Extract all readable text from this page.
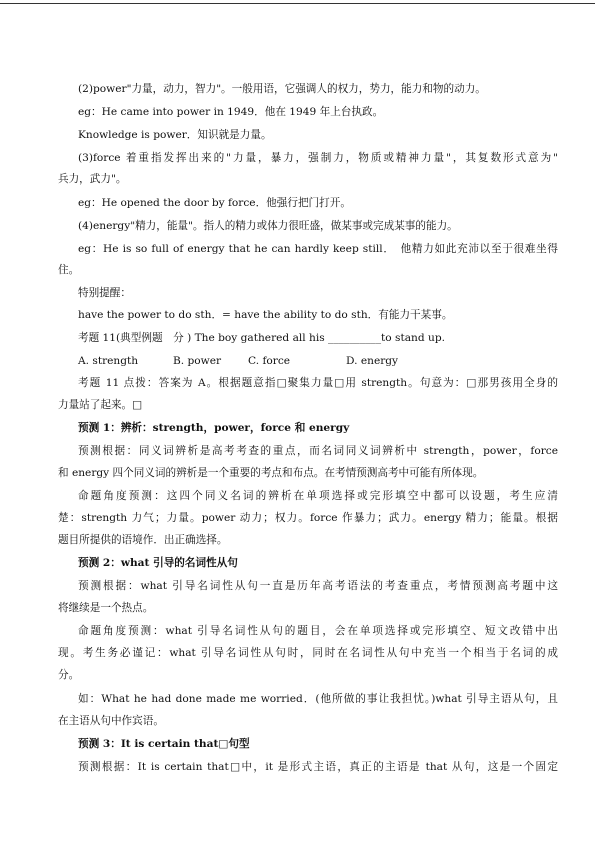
(2)power"力量，动力，智力"。一般用语，它强调人的权力，势力，能力和物的动力。
eg：He came into power in 1949．他在 1949 年上台执政。
Knowledge is power．知识就是力量。
(3)force 着重指发挥出来的"力量，暴力，强制力，物质或精神力量"，其复数形式意为"
兵力，武力"。
eg：He opened the door by force．他强行把门打开。
(4)energy"精力，能量"。指人的精力或体力很旺盛，做某事或完成某事的能力。
eg：He is so full of energy that he can hardly keep still．　他精力如此充沛以至于很难坐得
住。
特别提醒：
have the power to do sth．= have the ability to do sth．有能力干某事。
考题 11(典型例题　分 ) The boy gathered all his __________to stand up.
A. strength	B. power	C. force	D. energy
考题 11 点拨：答案为 A。根据题意指□聚集力量□用 strength。句意为：□那男孩用全身的
力量站了起来。□
预测 1：辨析：strength，power，force 和 energy
预测根据：同义词辨析是高考考查的重点，而名词同义词辨析中 strength，power，force
和 energy 四个同义词的辨析是一个重要的考点和布点。在考情预测高考中可能有所体现。
命题角度预测：这四个同义名词的辨析在单项选择或完形填空中都可以设题，考生应清
楚：strength 力气；力量。power 动力；权力。force 作暴力；武力。energy 精力；能量。根据
题目所提供的语境作．出正确选择。
预测 2：what 引导的名词性从句
预测根据：what 引导名词性从句一直是历年高考语法的考查重点，考情预测高考题中这
将继续是一个热点。
命题角度预测：what 引导名词性从句的题目，会在单项选择或完形填空、短文改错中出
现。考生务必谨记：what 引导名词性从句时，同时在名词性从句中充当一个相当于名词的成
分。
如：What he had done made me worried．(他所做的事让我担忧。)what 引导主语从句，且
在主语从句中作宾语。
预测 3：It is certain that□句型
预测根据：It is certain that□中，it 是形式主语，真正的主语是 that 从句，这是一个固定
